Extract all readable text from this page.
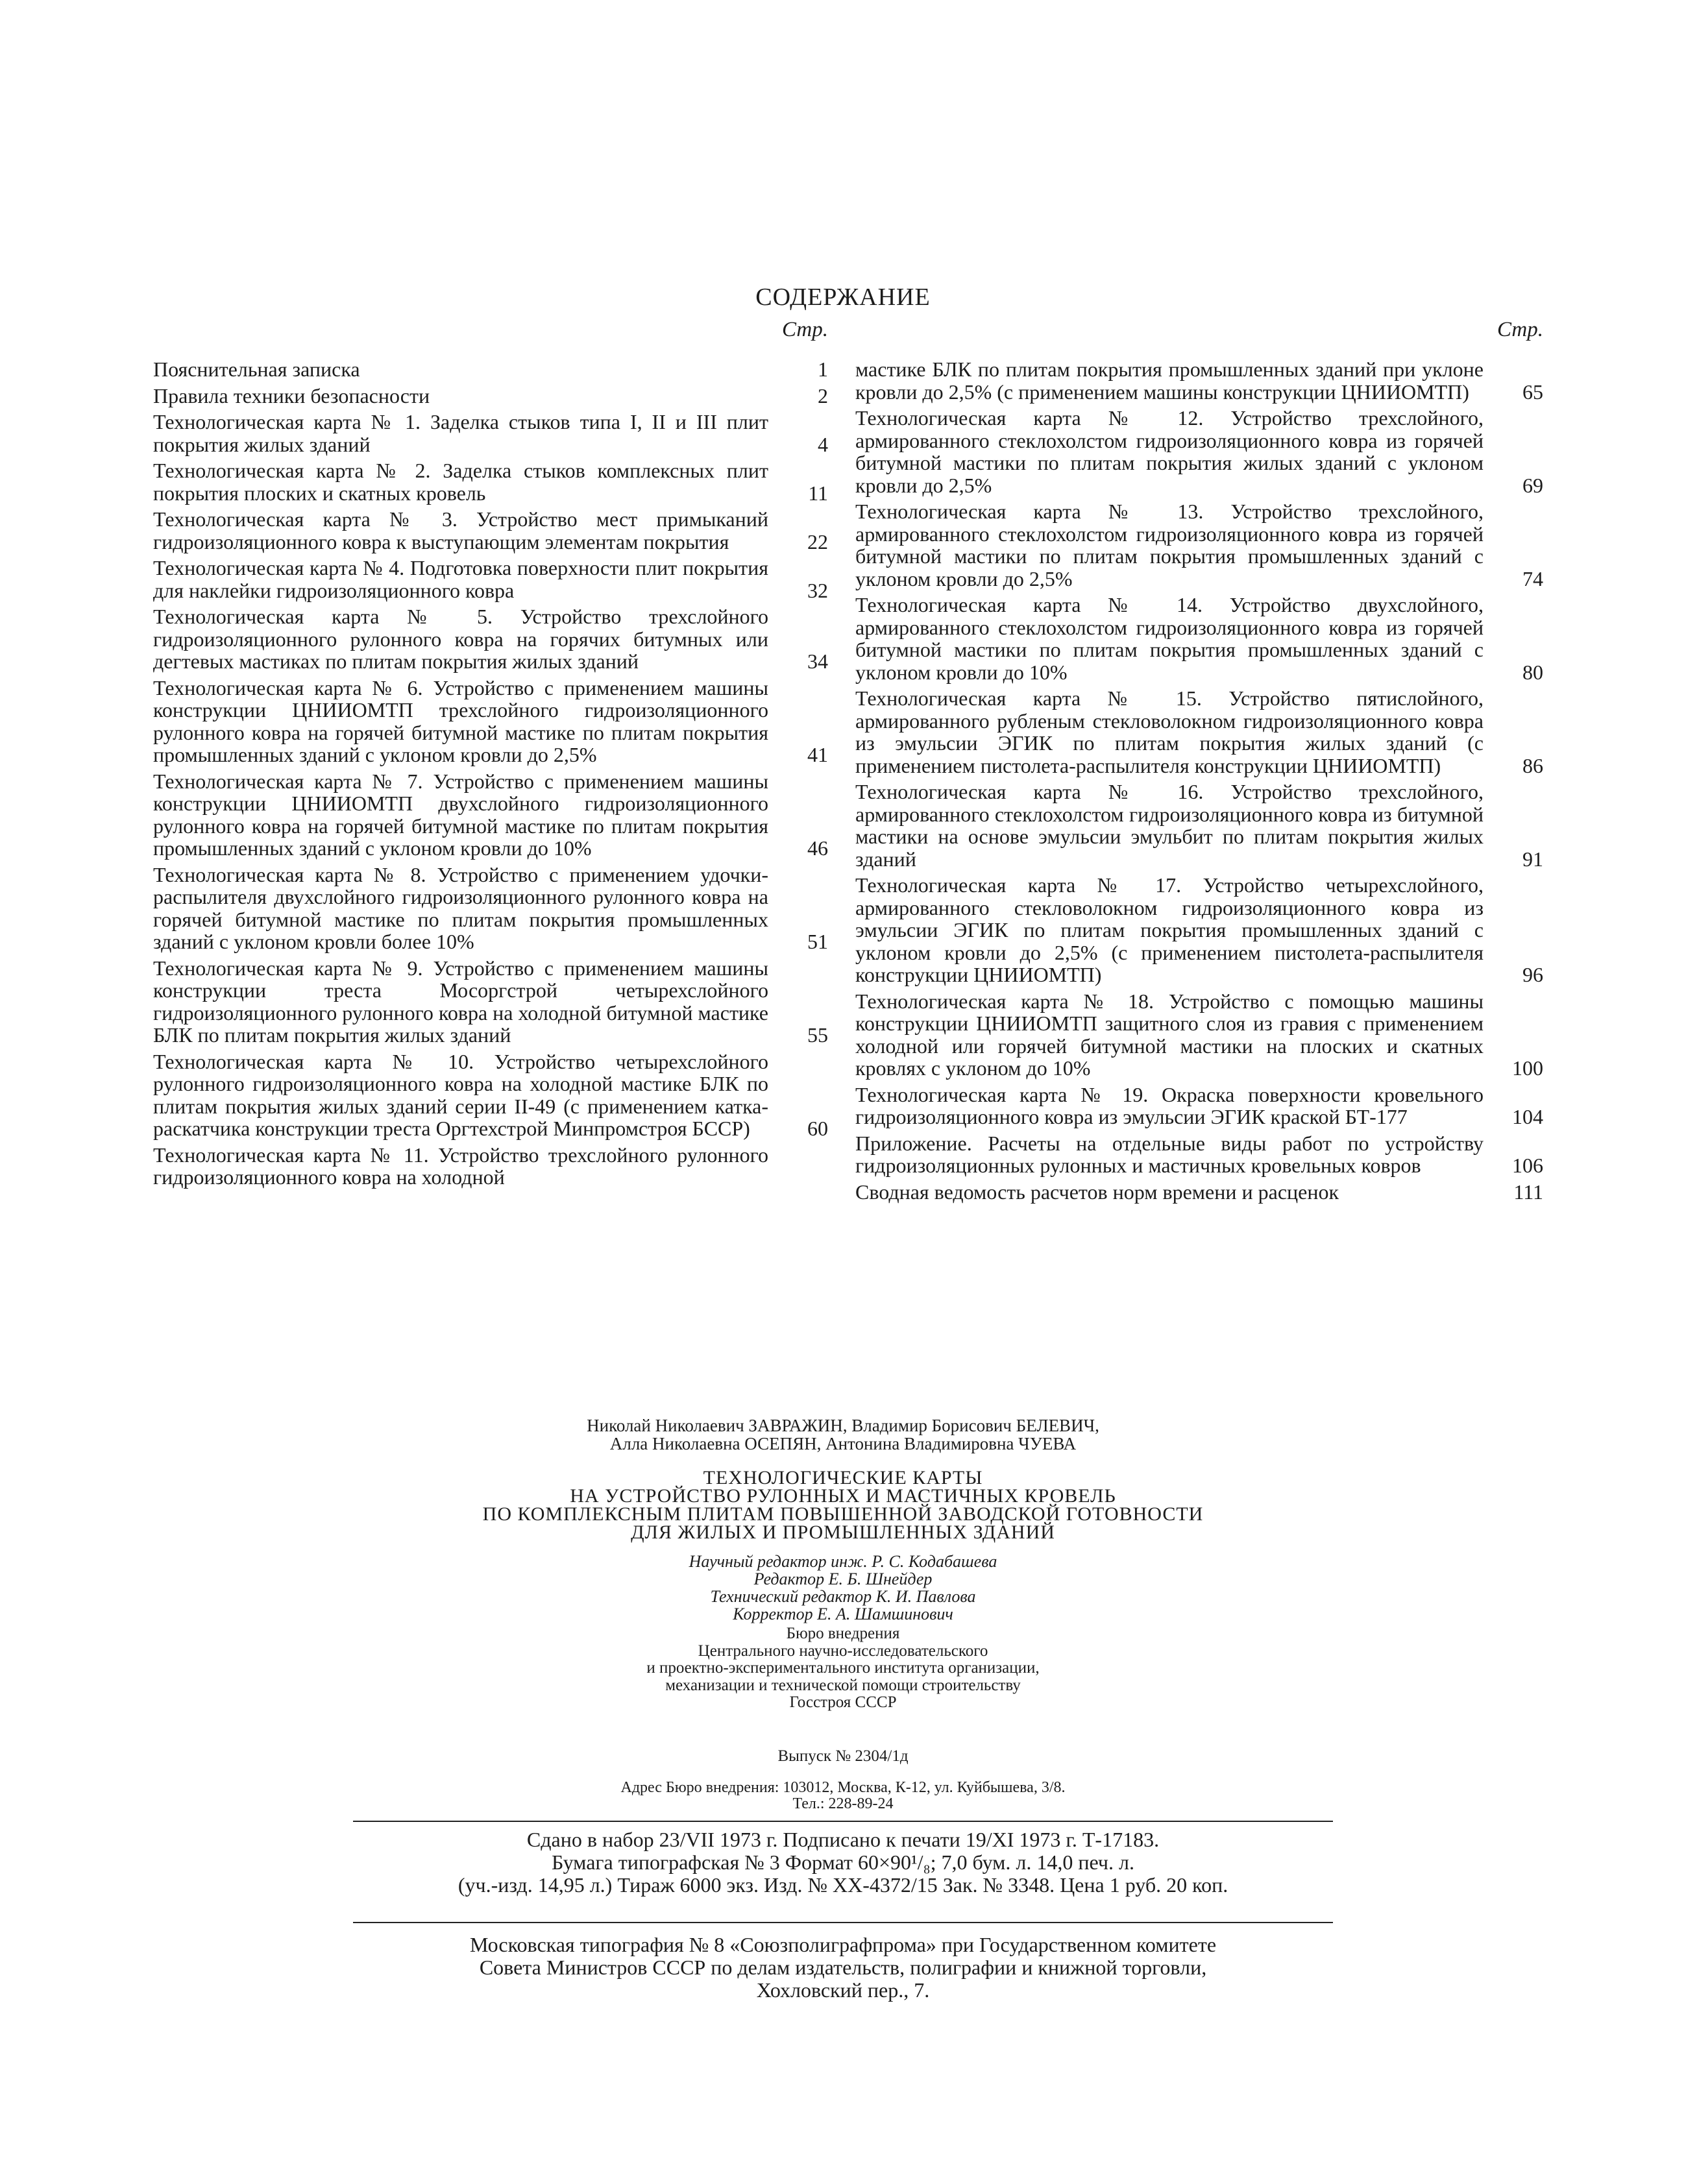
СОДЕРЖАНИЕ
Стр.
Пояснительная записка	1
Правила техники безопасности	2
Технологическая карта № 1. Заделка стыков типа I, II и III плит покрытия жилых зданий	4
Технологическая карта № 2. Заделка стыков комплексных плит покрытия плоских и скатных кровель	11
Технологическая карта № 3. Устройство мест примыканий гидроизоляционного ковра к выступающим элементам покрытия	22
Технологическая карта № 4. Подготовка поверхности плит покрытия для наклейки гидроизоляционного ковра	32
Технологическая карта № 5. Устройство трехслойного гидроизоляционного рулонного ковра на горячих битумных или дегтевых мастиках по плитам покрытия жилых зданий	34
Технологическая карта № 6. Устройство с применением машины конструкции ЦНИИОМТП трехслойного гидроизоляционного рулонного ковра на горячей битумной мастике по плитам покрытия промышленных зданий с уклоном кровли до 2,5%	41
Технологическая карта № 7. Устройство с применением машины конструкции ЦНИИОМТП двухслойного гидроизоляционного рулонного ковра на горячей битумной мастике по плитам покрытия промышленных зданий с уклоном кровли до 10%	46
Технологическая карта № 8. Устройство с применением удочки-распылителя двухслойного гидроизоляционного рулонного ковра на горячей битумной мастике по плитам покрытия промышленных зданий с уклоном кровли более 10%	51
Технологическая карта № 9. Устройство с применением машины конструкции треста Мосоргстрой четырехслойного гидроизоляционного рулонного ковра на холодной битумной мастике БЛК по плитам покрытия жилых зданий	55
Технологическая карта № 10. Устройство четырехслойного рулонного гидроизоляционного ковра на холодной мастике БЛК по плитам покрытия жилых зданий серии II-49 (с применением катка-раскатчика конструкции треста Оргтехстрой Минпромстроя БССР)	60
Технологическая карта № 11. Устройство трехслойного рулонного гидроизоляционного ковра на холодной
Стр.
мастике БЛК по плитам покрытия промышленных зданий при уклоне кровли до 2,5% (с применением машины конструкции ЦНИИОМТП)	65
Технологическая карта № 12. Устройство трехслойного, армированного стеклохолстом гидроизоляционного ковра из горячей битумной мастики по плитам покрытия жилых зданий с уклоном кровли до 2,5%	69
Технологическая карта № 13. Устройство трехслойного, армированного стеклохолстом гидроизоляционного ковра из горячей битумной мастики по плитам покрытия промышленных зданий с уклоном кровли до 2,5%	74
Технологическая карта № 14. Устройство двухслойного, армированного стеклохолстом гидроизоляционного ковра из горячей битумной мастики по плитам покрытия промышленных зданий с уклоном кровли до 10%	80
Технологическая карта № 15. Устройство пятислойного, армированного рубленым стекловолокном гидроизоляционного ковра из эмульсии ЭГИК по плитам покрытия жилых зданий (с применением пистолета-распылителя конструкции ЦНИИОМТП)	86
Технологическая карта № 16. Устройство трехслойного, армированного стеклохолстом гидроизоляционного ковра из битумной мастики на основе эмульсии эмульбит по плитам покрытия жилых зданий	91
Технологическая карта № 17. Устройство четырехслойного, армированного стекловолокном гидроизоляционного ковра из эмульсии ЭГИК по плитам покрытия промышленных зданий с уклоном кровли до 2,5% (с применением пистолета-распылителя конструкции ЦНИИОМТП)	96
Технологическая карта № 18. Устройство с помощью машины конструкции ЦНИИОМТП защитного слоя из гравия с применением холодной или горячей битумной мастики на плоских и скатных кровлях с уклоном до 10%	100
Технологическая карта № 19. Окраска поверхности кровельного гидроизоляционного ковра из эмульсии ЭГИК краской БТ-177	104
Приложение. Расчеты на отдельные виды работ по устройству гидроизоляционных рулонных и мастичных кровельных ковров	106
Сводная ведомость расчетов норм времени и расценок	111
Николай Николаевич ЗАВРАЖИН, Владимир Борисович БЕЛЕВИЧ,
Алла Николаевна ОСЕПЯН, Антонина Владимировна ЧУЕВА
ТЕХНОЛОГИЧЕСКИЕ КАРТЫ
НА УСТРОЙСТВО РУЛОННЫХ И МАСТИЧНЫХ КРОВЕЛЬ
ПО КОМПЛЕКСНЫМ ПЛИТАМ ПОВЫШЕННОЙ ЗАВОДСКОЙ ГОТОВНОСТИ
ДЛЯ ЖИЛЫХ И ПРОМЫШЛЕННЫХ ЗДАНИЙ
Научный редактор инж. Р. С. Кодабашева
Редактор Е. Б. Шнейдер
Технический редактор К. И. Павлова
Корректор Е. А. Шамшинович
Бюро внедрения
Центрального научно-исследовательского
и проектно-экспериментального института организации,
механизации и технической помощи строительству
Госстроя СССР
Выпуск № 2304/1д
Адрес Бюро внедрения: 103012, Москва, К-12, ул. Куйбышева, 3/8.
Тел.: 228-89-24
Сдано в набор 23/VII 1973 г. Подписано к печати 19/XI 1973 г. Т-17183.
Бумага типографская № 3 Формат 60×90¹/₈; 7,0 бум. л. 14,0 печ. л.
(уч.-изд. 14,95 л.) Тираж 6000 экз. Изд. № ХХ-4372/15 Зак. № 3348. Цена 1 руб. 20 коп.
Московская типография № 8 «Союзполиграфпрома» при Государственном комитете
Совета Министров СССР по делам издательств, полиграфии и книжной торговли,
Хохловский пер., 7.
